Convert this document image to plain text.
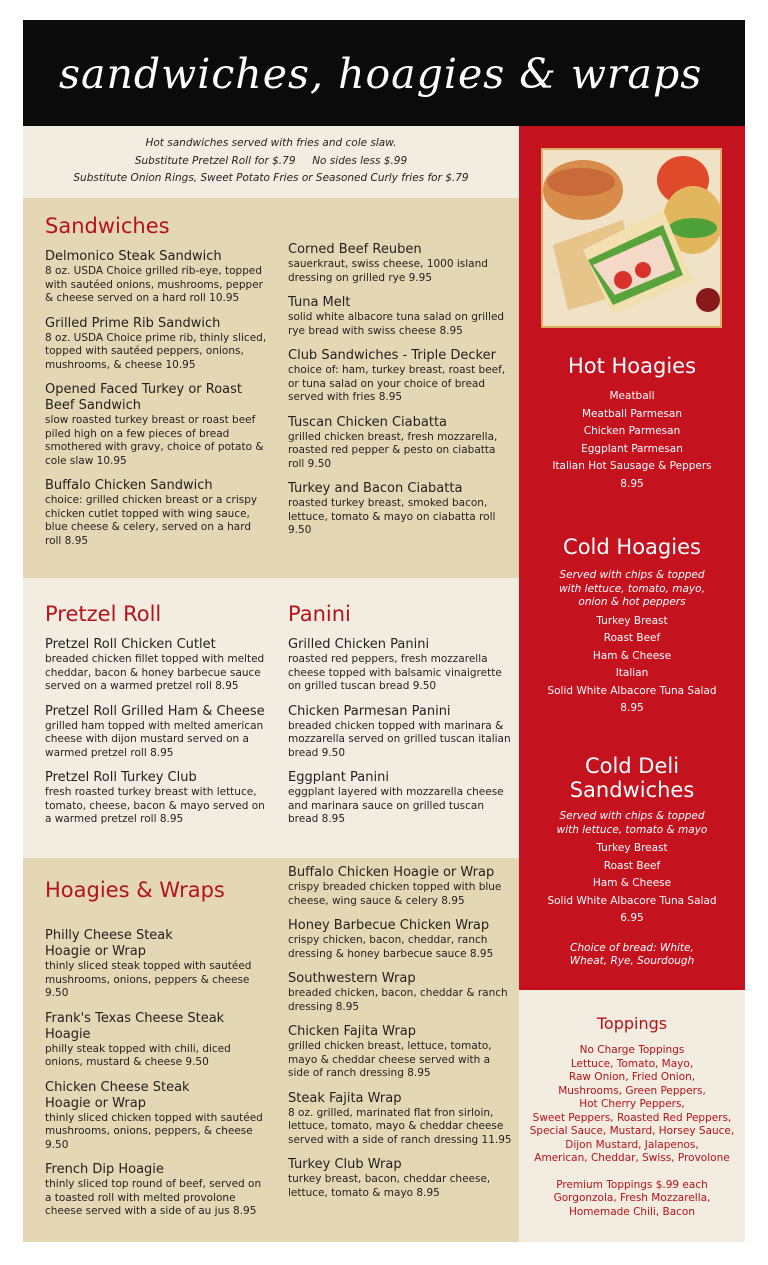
sandwiches, hoagies & wraps
Hot sandwiches served with fries and cole slaw.
Substitute Pretzel Roll for $.79     No sides less $.99
Substitute Onion Rings, Sweet Potato Fries or Seasoned Curly fries for $.79
Sandwiches
Delmonico Steak Sandwich
8 oz. USDA Choice grilled rib-eye, topped with sautéed onions, mushrooms, pepper & cheese served on a hard roll 10.95
Grilled Prime Rib Sandwich
8 oz. USDA Choice prime rib, thinly sliced, topped with sautéed peppers, onions, mushrooms, & cheese 10.95
Opened Faced Turkey or Roast Beef Sandwich
slow roasted turkey breast or roast beef piled high on a few pieces of bread smothered with gravy, choice of potato & cole slaw 10.95
Buffalo Chicken Sandwich
choice: grilled chicken breast or a crispy chicken cutlet topped with wing sauce, blue cheese & celery, served on a hard roll 8.95
Corned Beef Reuben
sauerkraut, swiss cheese, 1000 island dressing on grilled rye 9.95
Tuna Melt
solid white albacore tuna salad on grilled rye bread with swiss cheese 8.95
Club Sandwiches - Triple Decker
choice of: ham, turkey breast, roast beef, or tuna salad on your choice of bread served with fries 8.95
Tuscan Chicken Ciabatta
grilled chicken breast, fresh mozzarella, roasted red pepper & pesto on ciabatta roll 9.50
Turkey and Bacon Ciabatta
roasted turkey breast, smoked bacon, lettuce, tomato & mayo on ciabatta roll 9.50
Pretzel Roll
Pretzel Roll Chicken Cutlet
breaded chicken fillet topped with melted cheddar, bacon & honey barbecue sauce served on a warmed pretzel roll 8.95
Pretzel Roll Grilled Ham & Cheese
grilled ham topped with melted american cheese with dijon mustard served on a warmed pretzel roll 8.95
Pretzel Roll Turkey Club
fresh roasted turkey breast with lettuce, tomato, cheese, bacon & mayo served on a warmed pretzel roll 8.95
Panini
Grilled Chicken Panini
roasted red peppers, fresh mozzarella cheese topped with balsamic vinaigrette on grilled tuscan bread 9.50
Chicken Parmesan Panini
breaded chicken topped with marinara & mozzarella served on grilled tuscan italian bread 9.50
Eggplant Panini
eggplant layered with mozzarella cheese and marinara sauce on grilled tuscan bread 8.95
Hoagies & Wraps
Philly Cheese Steak Hoagie or Wrap
thinly sliced steak topped with sautéed mushrooms, onions, peppers & cheese 9.50
Frank's Texas Cheese Steak Hoagie
philly steak topped with chili, diced onions, mustard & cheese 9.50
Chicken Cheese Steak Hoagie or Wrap
thinly sliced chicken topped with sautéed mushrooms, onions, peppers, & cheese 9.50
French Dip Hoagie
thinly sliced top round of beef, served on a toasted roll with melted provolone cheese served with a side of au jus 8.95
Buffalo Chicken Hoagie or Wrap
crispy breaded chicken topped with blue cheese, wing sauce & celery 8.95
Honey Barbecue Chicken Wrap
crispy chicken, bacon, cheddar, ranch dressing & honey barbecue sauce 8.95
Southwestern Wrap
breaded chicken, bacon, cheddar & ranch dressing 8.95
Chicken Fajita Wrap
grilled chicken breast, lettuce, tomato, mayo & cheddar cheese served with a side of ranch dressing 8.95
Steak Fajita Wrap
8 oz. grilled, marinated flat fron sirloin, lettuce, tomato, mayo & cheddar cheese served with a side of ranch dressing 11.95
Turkey Club Wrap
turkey breast, bacon, cheddar cheese, lettuce, tomato & mayo 8.95
Hot Hoagies
Meatball
Meatball Parmesan
Chicken Parmesan
Eggplant Parmesan
Italian Hot Sausage & Peppers
8.95
Cold Hoagies
Served with chips & topped with lettuce, tomato, mayo, onion & hot peppers
Turkey Breast
Roast Beef
Ham & Cheese
Italian
Solid White Albacore Tuna Salad
8.95
Cold Deli
Sandwiches
Served with chips & topped with lettuce, tomato & mayo
Turkey Breast
Roast Beef
Ham & Cheese
Solid White Albacore Tuna Salad
6.95
Choice of bread: White, Wheat, Rye, Sourdough
Toppings
No Charge Toppings
Lettuce, Tomato, Mayo,
Raw Onion, Fried Onion,
Mushrooms, Green Peppers,
Hot Cherry Peppers,
Sweet Peppers, Roasted Red Peppers,
Special Sauce, Mustard, Horsey Sauce,
Dijon Mustard, Jalapenos,
American, Cheddar, Swiss, Provolone
Premium Toppings $.99 each
Gorgonzola, Fresh Mozzarella,
Homemade Chili, Bacon
